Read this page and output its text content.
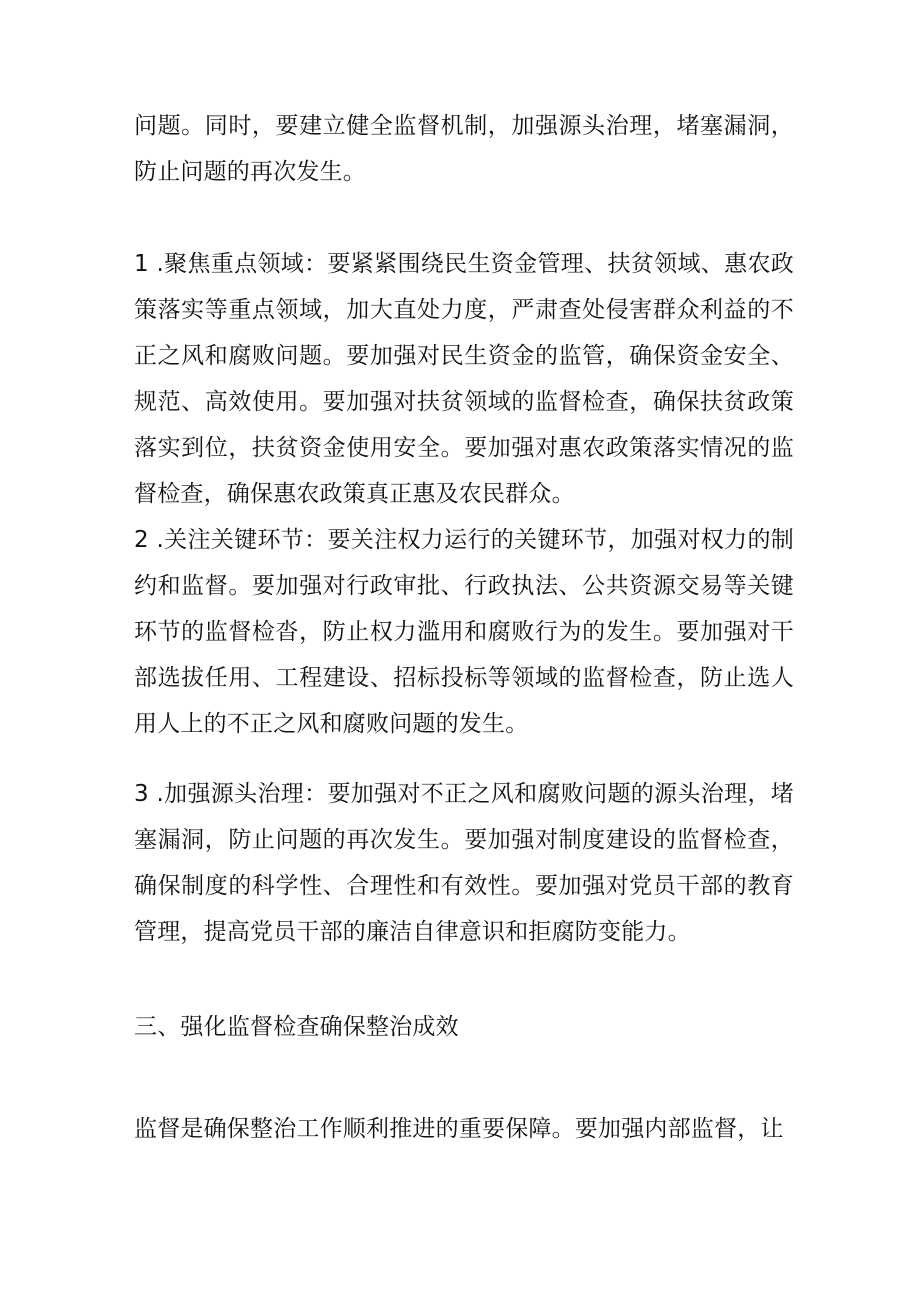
问题。同时，要建立健全监督机制，加强源头治理，堵塞漏洞，防止问题的再次发生。

1 .聚焦重点领域：要紧紧围绕民生资金管理、扶贫领域、惠农政策落实等重点领域，加大直处力度，严肃查处侵害群众利益的不正之风和腐败问题。要加强对民生资金的监管，确保资金安全、规范、高效使用。要加强对扶贫领域的监督检查，确保扶贫政策落实到位，扶贫资金使用安全。要加强对惠农政策落实情况的监督检查，确保惠农政策真正惠及农民群众。

2 .关注关键环节：要关注权力运行的关键环节，加强对权力的制约和监督。要加强对行政审批、行政执法、公共资源交易等关键环节的监督检沓，防止权力滥用和腐败行为的发生。要加强对干部选拔任用、工程建设、招标投标等领域的监督检查，防止选人用人上的不正之风和腐败问题的发生。

3 .加强源头治理：要加强对不正之风和腐败问题的源头治理，堵塞漏洞，防止问题的再次发生。要加强对制度建设的监督检查，确保制度的科学性、合理性和有效性。要加强对党员干部的教育管理，提高党员干部的廉洁自律意识和拒腐防变能力。

三、强化监督检查确保整治成效

监督是确保整治工作顺利推进的重要保障。要加强内部监督，让
